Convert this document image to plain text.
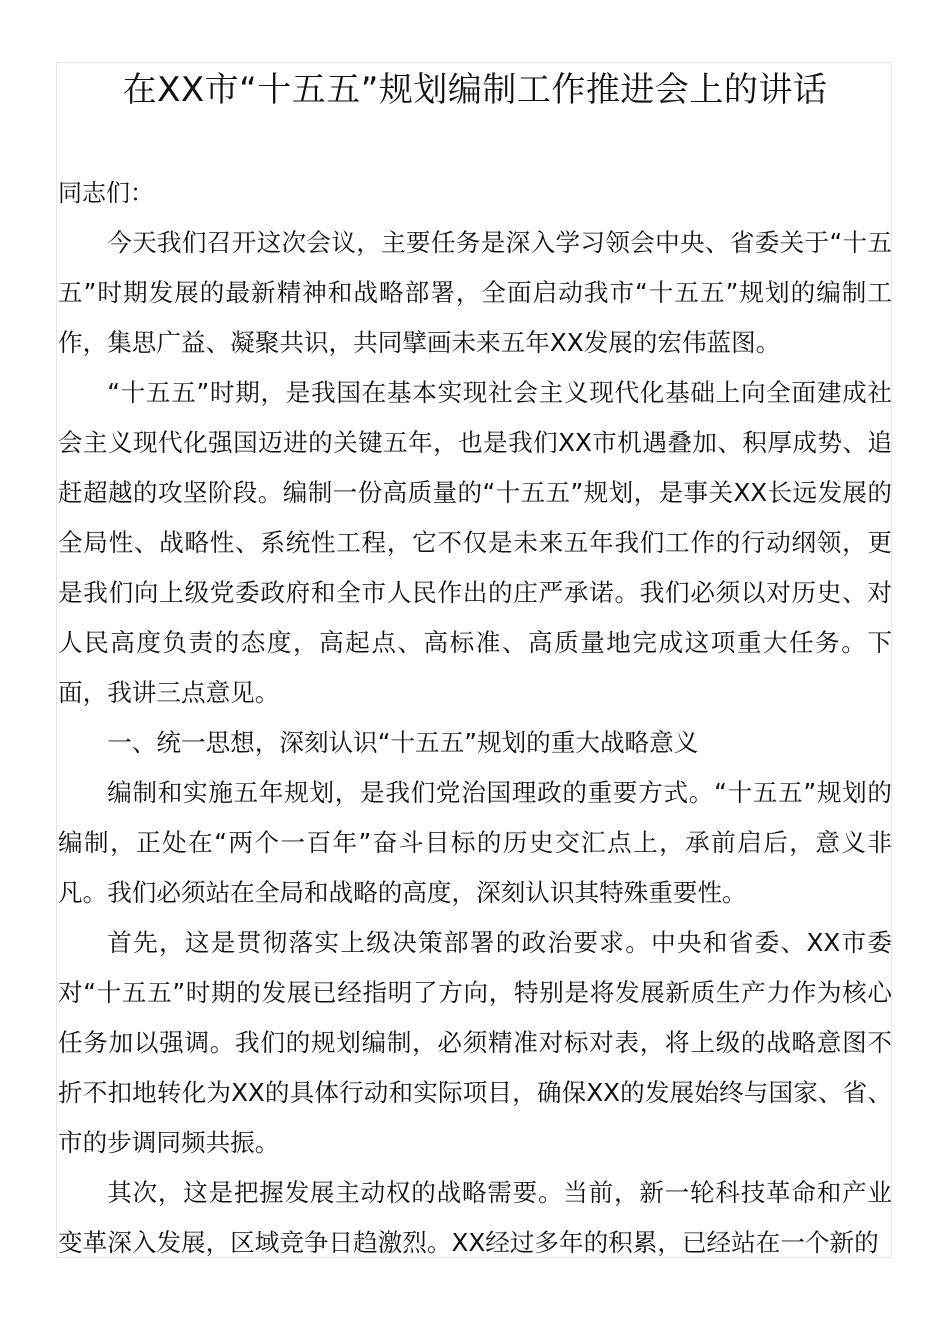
在XX市“十五五”规划编制工作推进会上的讲话

同志们：

今天我们召开这次会议，主要任务是深入学习领会中央、省委关于“十五五”时期发展的最新精神和战略部署，全面启动我市“十五五”规划的编制工作，集思广益、凝聚共识，共同擘画未来五年XX发展的宏伟蓝图。

“十五五”时期，是我国在基本实现社会主义现代化基础上向全面建成社会主义现代化强国迈进的关键五年，也是我们XX市机遇叠加、积厚成势、追赶超越的攻坚阶段。编制一份高质量的“十五五”规划，是事关XX长远发展的全局性、战略性、系统性工程，它不仅是未来五年我们工作的行动纲领，更是我们向上级党委政府和全市人民作出的庄严承诺。我们必须以对历史、对人民高度负责的态度，高起点、高标准、高质量地完成这项重大任务。下面，我讲三点意见。

一、统一思想，深刻认识“十五五”规划的重大战略意义

编制和实施五年规划，是我们党治国理政的重要方式。“十五五”规划的编制，正处在“两个一百年”奋斗目标的历史交汇点上，承前启后，意义非凡。我们必须站在全局和战略的高度，深刻认识其特殊重要性。

首先，这是贯彻落实上级决策部署的政治要求。中央和省委、XX市委对“十五五”时期的发展已经指明了方向，特别是将发展新质生产力作为核心任务加以强调。我们的规划编制，必须精准对标对表，将上级的战略意图不折不扣地转化为XX的具体行动和实际项目，确保XX的发展始终与国家、省、市的步调同频共振。

其次，这是把握发展主动权的战略需要。当前，新一轮科技革命和产业变革深入发展，区域竞争日趋激烈。XX经过多年的积累，已经站在一个新的
